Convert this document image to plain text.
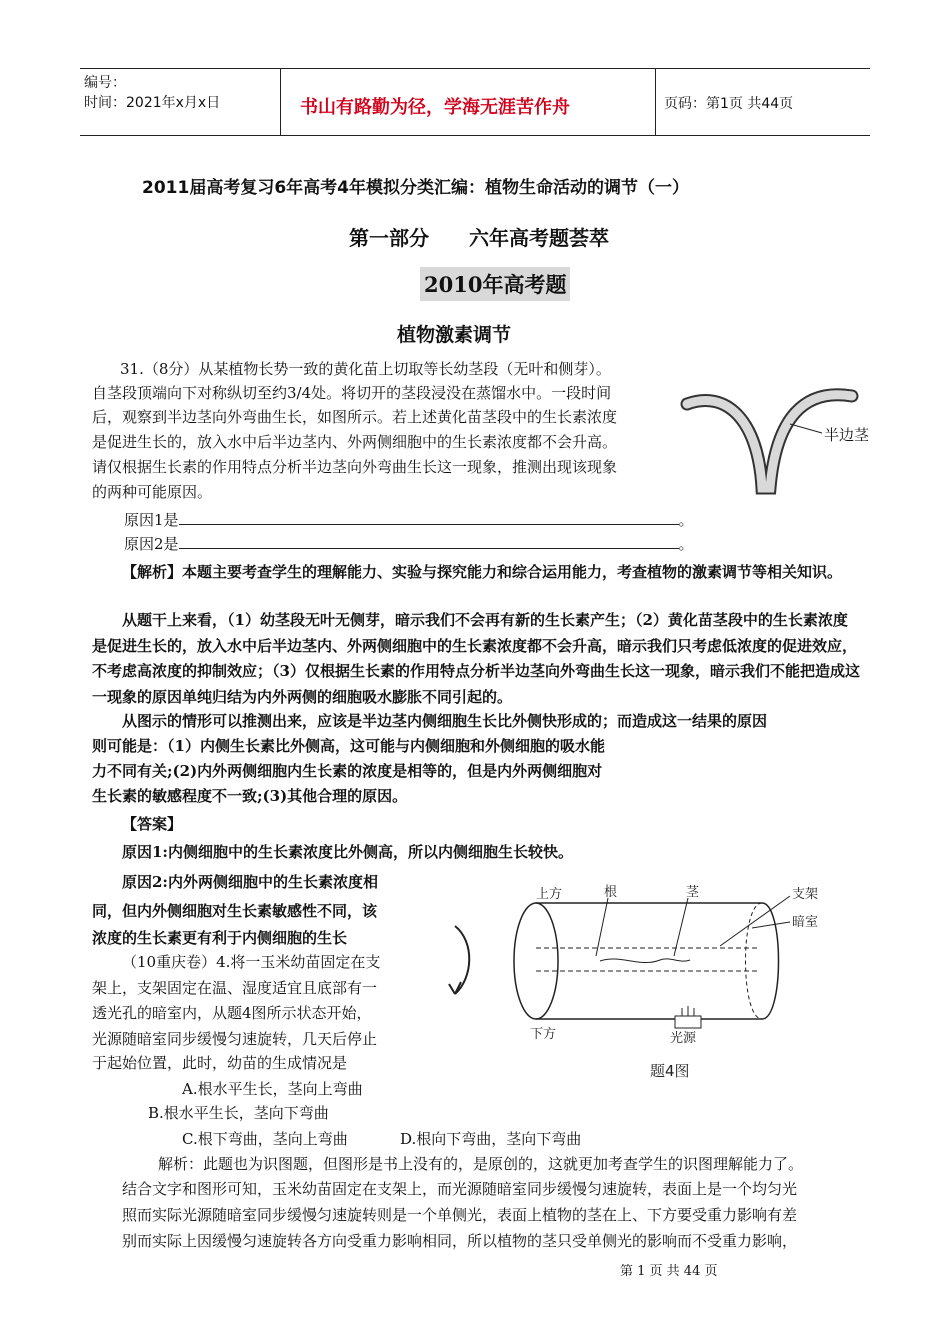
编号：
时间：2021年x月x日	书山有路勤为径，学海无涯苦作舟	页码：第1页 共44页
2011届高考复习6年高考4年模拟分类汇编：植物生命活动的调节（一）
第一部分　　六年高考题荟萃
2010年高考题
植物激素调节
31.（8分）从某植物长势一致的黄化苗上切取等长幼茎段（无叶和侧芽）。
自茎段顶端向下对称纵切至约3/4处。将切开的茎段浸没在蒸馏水中。一段时间
后，观察到半边茎向外弯曲生长，如图所示。若上述黄化苗茎段中的生长素浓度
是促进生长的，放入水中后半边茎内、外两侧细胞中的生长素浓度都不会升高。
请仅根据生长素的作用特点分析半边茎向外弯曲生长这一现象，推测出现该现象
的两种可能原因。
原因1是	。
原因2是	。
半边茎
【解析】本题主要考查学生的理解能力、实验与探究能力和综合运用能力，考查植物的激素调节等相关知识。
从题干上来看，（1）幼茎段无叶无侧芽，暗示我们不会再有新的生长素产生；（2）黄化苗茎段中的生长素浓度是促进生长的，放入水中后半边茎内、外两侧细胞中的生长素浓度都不会升高，暗示我们只考虑低浓度的促进效应，不考虑高浓度的抑制效应；（3）仅根据生长素的作用特点分析半边茎向外弯曲生长这一现象，暗示我们不能把造成这一现象的原因单纯归结为内外两侧的细胞吸水膨胀不同引起的。
从图示的情形可以推测出来，应该是半边茎内侧细胞生长比外侧快形成的；而造成这一结果的原因
则可能是：（1）内侧生长素比外侧高，这可能与内侧细胞和外侧细胞的吸水能
力不同有关;(2)内外两侧细胞内生长素的浓度是相等的，但是内外两侧细胞对
生长素的敏感程度不一致;(3)其他合理的原因。
【答案】
原因1:内侧细胞中的生长素浓度比外侧高，所以内侧细胞生长较快。
原因2:内外两侧细胞中的生长素浓度相
同，但内外侧细胞对生长素敏感性不同，该
浓度的生长素更有利于内侧细胞的生长
（10重庆卷）4.将一玉米幼苗固定在支
架上，支架固定在温、湿度适宜且底部有一
透光孔的暗室内，从题4图所示状态开始，
光源随暗室同步缓慢匀速旋转，几天后停止
于起始位置，此时，幼苗的生成情况是
A.根水平生长，茎向上弯曲
B.根水平生长，茎向下弯曲
C.根下弯曲，茎向上弯曲	D.根向下弯曲，茎向下弯曲
上方	根	茎	支架
暗室
下方	光源
题4图
解析：此题也为识图题，但图形是书上没有的，是原创的，这就更加考查学生的识图理解能力了。
结合文字和图形可知，玉米幼苗固定在支架上，而光源随暗室同步缓慢匀速旋转，表面上是一个均匀光
照而实际光源随暗室同步缓慢匀速旋转则是一个单侧光，表面上植物的茎在上、下方要受重力影响有差
别而实际上因缓慢匀速旋转各方向受重力影响相同，所以植物的茎只受单侧光的影响而不受重力影响，
第 1 页 共 44 页
